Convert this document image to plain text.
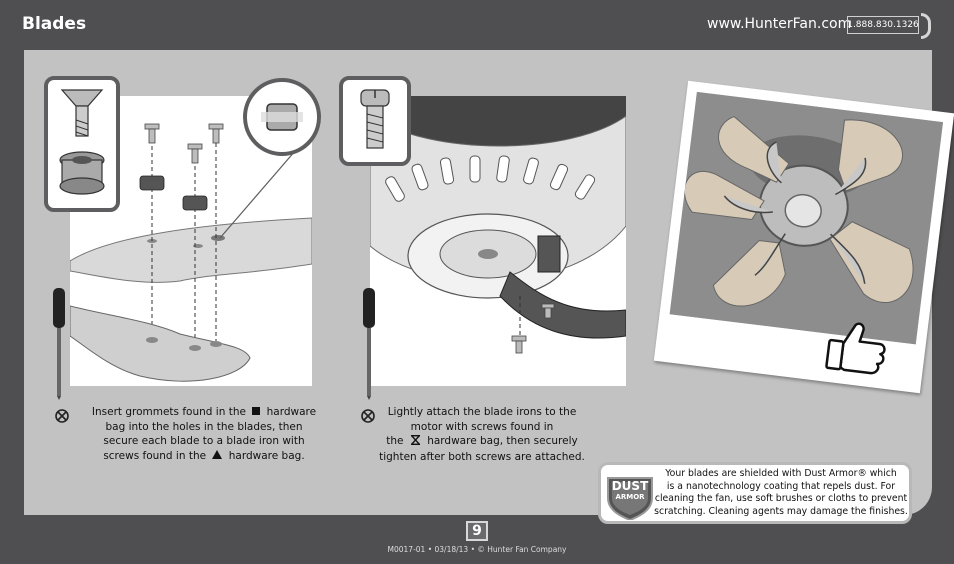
Blades	www.HunterFan.com
1.888.830.1326
Insert grommets found in the hardware
bag into the holes in the blades, then
secure each blade to a blade iron with
screws found in the hardware bag.
Lightly attach the blade irons to the
motor with screws found in
the hardware bag, then securely
tighten after both screws are attached.
DUST
ARMOR
Your blades are shielded with Dust Armor® which
is a nanotechnology coating that repels dust. For
cleaning the fan, use soft brushes or cloths to prevent
scratching. Cleaning agents may damage the finishes.
9
M0017-01 • 03/18/13 • © Hunter Fan Company
